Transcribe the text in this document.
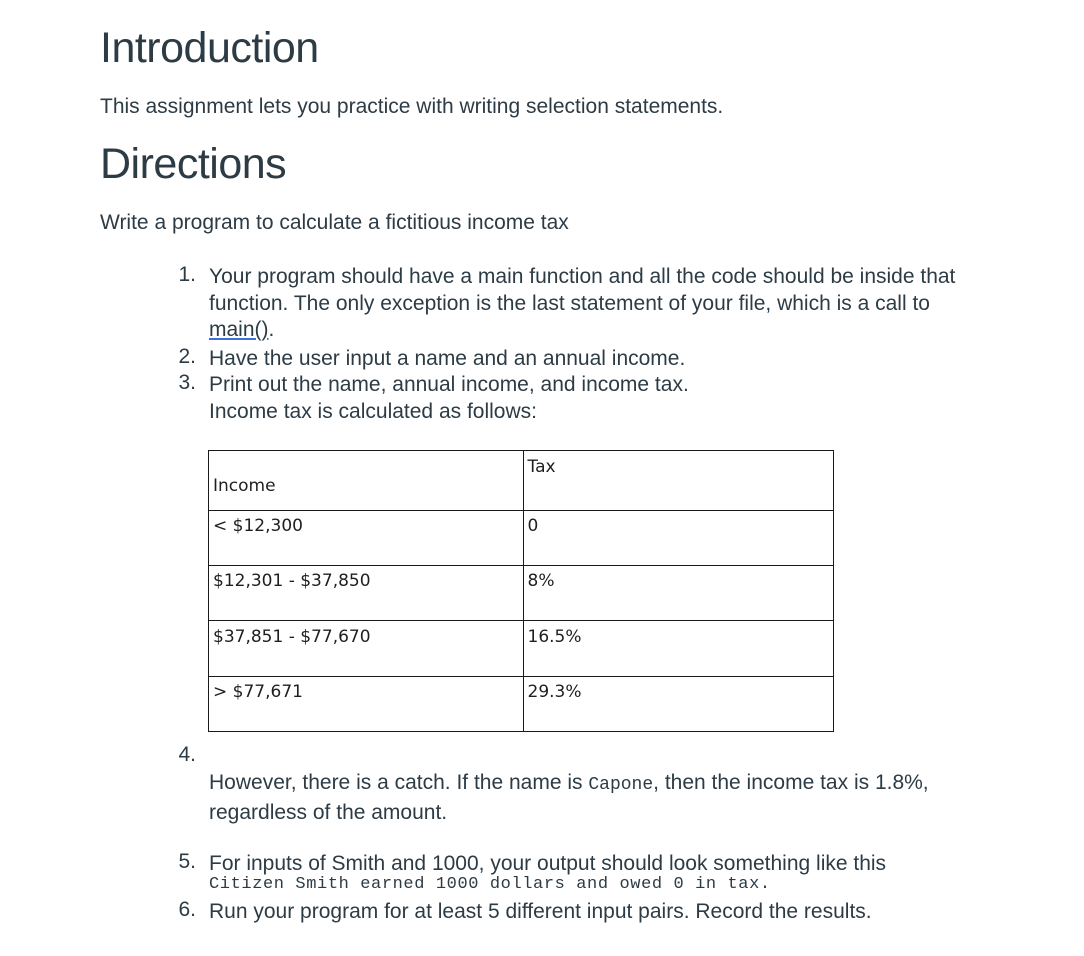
Introduction

This assignment lets you practice with writing selection statements.

Directions

Write a program to calculate a fictitious income tax

1. Your program should have a main function and all the code should be inside that
function. The only exception is the last statement of your file, which is a call to
main().
2. Have the user input a name and an annual income.
3. Print out the name, annual income, and income tax.
Income tax is calculated as follows:
Income	Tax
< $12,300	0
$12,301 - $37,850	8%
$37,851 - $77,670	16.5%
> $77,671	29.3%
4.
However, there is a catch. If the name is Capone, then the income tax is 1.8%,
regardless of the amount.
5. For inputs of Smith and 1000, your output should look something like this
Citizen Smith earned 1000 dollars and owed 0 in tax.
6. Run your program for at least 5 different input pairs. Record the results.
